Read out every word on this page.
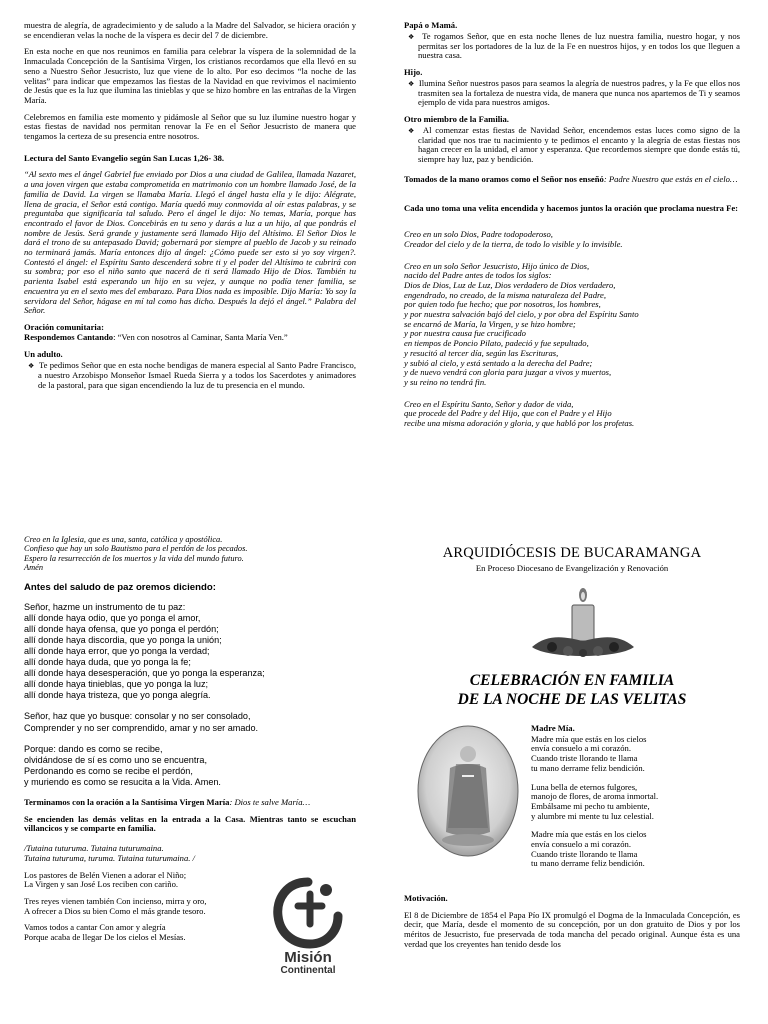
muestra de alegría, de agradecimiento y de saludo a la Madre del Salvador, se hiciera oración y se encendieran velas la noche de la víspera es decir del 7 de diciembre.

En esta noche en que nos reunimos en familia para celebrar la víspera de la solemnidad de la Inmaculada Concepción de la Santísima Virgen, los cristianos recordamos que ella llevó en su seno a Nuestro Señor Jesucristo, luz que viene de lo alto. Por eso decimos “la noche de las velitas” para indicar que empezamos las fiestas de la Navidad en que revivimos el nacimiento de Jesús que es la luz que ilumina las tinieblas y que se hizo hombre en las entrañas de la Virgen María.

Celebremos en familia este momento y pidámosle al Señor que su luz ilumine nuestro hogar y estas fiestas de navidad nos permitan renovar la Fe en el Señor Jesucristo de manera que tengamos la certeza de su presencia entre nosotros.

Lectura del Santo Evangelio según San Lucas 1,26- 38.

“Al sexto mes el ángel Gabriel fue enviado por Dios a una ciudad de Galilea, llamada Nazaret, a una joven virgen que estaba comprometida en matrimonio con un hombre llamado José, de la familia de David. La virgen se llamaba María. Llegó el ángel hasta ella y le dijo: Alégrate, llena de gracia, el Señor está contigo. María quedó muy conmovida al oír estas palabras, y se preguntaba que significaría tal saludo. Pero el ángel le dijo: No temas, María, porque has encontrado el favor de Dios. Concebirás en tu seno y darás a luz a un hijo, al que pondrás el nombre de Jesús. Será grande y justamente será llamado Hijo del Altísimo. El Señor Dios le dará el trono de su antepasado David; gobernará por siempre al pueblo de Jacob y su reinado no terminará jamás. María entonces dijo al ángel: ¿Cómo puede ser esto si yo soy virgen?. Contestó el ángel: el Espíritu Santo descenderá sobre ti y el poder del Altísimo te cubrirá con su sombra; por eso el niño santo que nacerá de ti será llamado Hijo de Dios. También tu parienta Isabel está esperando un hijo en su vejez, y aunque no podía tener familia, se encuentra ya en el sexto mes del embarazo. Para Dios nada es imposible. Dijo María: Yo soy la servidora del Señor, hágase en mí tal como has dicho. Después la dejó el ángel.” Palabra del Señor.

Oración comunitaria:
Respondemos Cantando: “Ven con nosotros al Caminar, Santa María Ven.”

Un adulto.

❖ Te pedimos Señor que en esta noche bendigas de manera especial al Santo Padre Francisco, a nuestro Arzobispo Monseñor Ismael Rueda Sierra y a todos los Sacerdotes y animadores de la pastoral, para que sigan encendiendo la luz de tu presencia en el mundo.

Papá o Mamá.

❖ Te rogamos Señor, que en esta noche llenes de luz nuestra familia, nuestro hogar, y nos permitas ser los portadores de la luz de la Fe en nuestros hijos, y en todos los que lleguen a nuestra casa.

Hijo.

❖ Ilumina Señor nuestros pasos para seamos la alegría de nuestros padres, y la Fe que ellos nos trasmiten sea la fortaleza de nuestra vida, de manera que nunca nos apartemos de Ti y seamos ejemplo de vida para nuestros amigos.

Otro miembro de la Familia.

❖ Al comenzar estas fiestas de Navidad Señor, encendemos estas luces como signo de la claridad que nos trae tu nacimiento y te pedimos el encanto y la alegría de estas fiestas nos hagan crecer en la unidad, el amor y esperanza. Que recordemos siempre que donde estás tú, siempre hay luz, paz y bendición.

Tomados de la mano oramos como el Señor nos enseñó: Padre Nuestro que estás en el cielo…

Cada uno toma una velita encendida y hacemos juntos la oración que proclama nuestra Fe:

Creo en un solo Dios, Padre todopoderoso,
Creador del cielo y de la tierra, de todo lo visible y lo invisible.
Creo en un solo Señor Jesucristo, Hijo único de Dios,
nacido del Padre antes de todos los siglos:
Dios de Dios, Luz de Luz, Dios verdadero de Dios verdadero,
engendrado, no creado, de la misma naturaleza del Padre,
por quien todo fue hecho; que por nosotros, los hombres,
y por nuestra salvación bajó del cielo, y por obra del Espíritu Santo
se encarnó de María, la Virgen, y se hizo hombre;
y por nuestra causa fue crucificado
en tiempos de Poncio Pilato, padeció y fue sepultado,
y resucitó al tercer día, según las Escrituras,
y subió al cielo, y está sentado a la derecha del Padre;
y de nuevo vendrá con gloria para juzgar a vivos y muertos,
y su reino no tendrá fin.
Creo en el Espíritu Santo, Señor y dador de vida,
que procede del Padre y del Hijo, que con el Padre y el Hijo
recibe una misma adoración y gloria, y que habló por los profetas.
Creo en la Iglesia, que es una, santa, católica y apostólica.
Confieso que hay un solo Bautismo para el perdón de los pecados.
Espero la resurrección de los muertos y la vida del mundo futuro.
Amén

Antes del saludo de paz oremos diciendo:

Señor, hazme un instrumento de tu paz:
allí donde haya odio, que yo ponga el amor,
allí donde haya ofensa, que yo ponga el perdón;
allí donde haya discordia, que yo ponga la unión;
allí donde haya error, que yo ponga la verdad;
allí donde haya duda, que yo ponga la fe;
allí donde haya desesperación, que yo ponga la esperanza;
allí donde haya tinieblas, que yo ponga la luz;
allí donde haya tristeza, que yo ponga alegría.

Señor, haz que yo busque: consolar y no ser consolado,
Comprender y no ser comprendido, amar y no ser amado.

Porque: dando es como se recibe,
olvidándose de sí es como uno se encuentra,
Perdonando es como se recibe el perdón,
y muriendo es como se resucita a la Vida. Amen.

Terminamos con la oración a la Santísima Virgen María: Dios te salve María…

Se encienden las demás velitas en la entrada a la Casa. Mientras tanto se escuchan villancicos y se comparte en familia.

/Tutaina tuturuma. Tutaina tuturumaina.
Tutaina tuturuma, turuma. Tutaina tuturumaina. /
Los pastores de Belén Vienen a adorar el Niño;
La Virgen y san José Los reciben con cariño.
Tres reyes vienen también Con incienso, mirra y oro,
A ofrecer a Dios su bien Como el más grande tesoro.
Vamos todos a cantar Con amor y alegría
Porque acaba de llegar De los cielos el Mesías.
Misión
Continental
ARQUIDIÓCESIS DE BUCARAMANGA
En Proceso Diocesano de Evangelización y Renovación
CELEBRACIÓN EN FAMILIA
DE LA NOCHE DE LAS VELITAS

Madre Mía.

Madre mía que estás en los cielos
envía consuelo a mi corazón.
Cuando triste llorando te llama
tu mano derrame feliz bendición.
Luna bella de eternos fulgores,
manojo de flores, de aroma inmortal.
Embálsame mi pecho tu ambiente,
y alumbre mi mente tu luz celestial.
Madre mía que estás en los cielos
envía consuelo a mi corazón.
Cuando triste llorando te llama
tu mano derrame feliz bendición.

Motivación.

El 8 de Diciembre de 1854 el Papa Pío IX promulgó el Dogma de la Inmaculada Concepción, es decir, que María, desde el momento de su concepción, por un don gratuito de Dios y por los méritos de Jesucristo, fue preservada de toda mancha del pecado original. Aunque ésta es una verdad que los creyentes han tenido desde los
